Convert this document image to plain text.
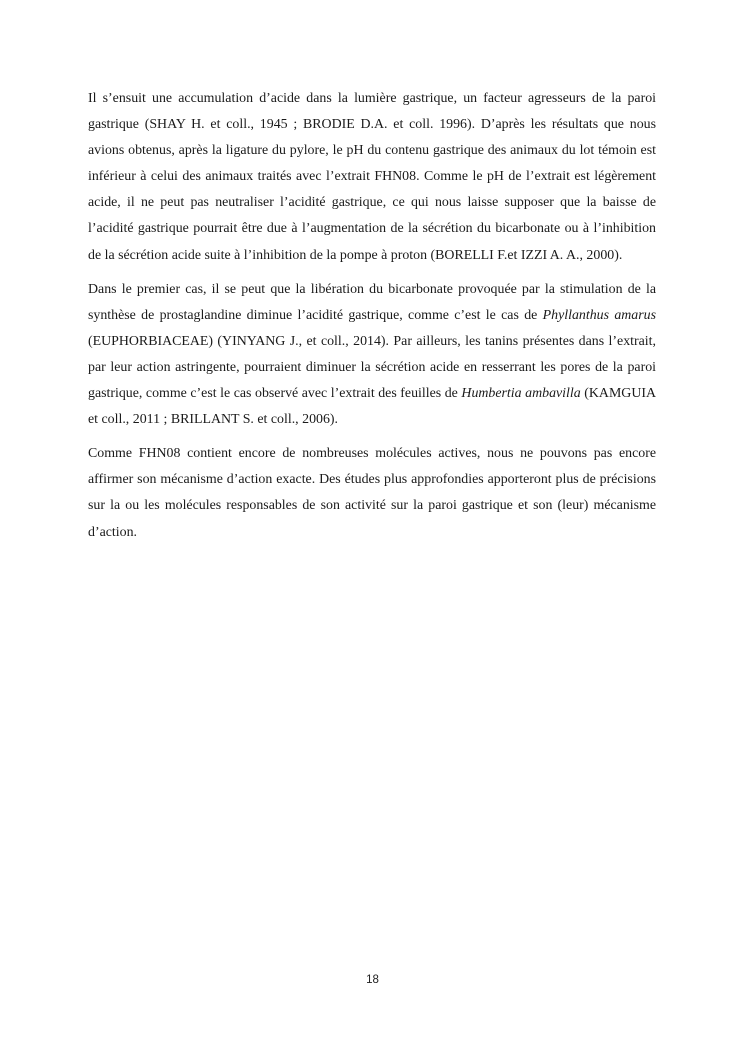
Il s’ensuit une accumulation d’acide dans la lumière gastrique, un facteur agresseurs de la paroi gastrique (SHAY H. et coll., 1945 ; BRODIE D.A. et coll. 1996). D’après les résultats que nous avions obtenus, après la ligature du pylore, le pH du contenu gastrique des animaux du lot témoin est inférieur à celui des animaux traités avec l’extrait FHN08. Comme le pH de l’extrait est légèrement acide, il ne peut pas neutraliser l’acidité gastrique, ce qui nous laisse supposer que la baisse de l’acidité gastrique pourrait être due à l’augmentation de la sécrétion du bicarbonate ou à l’inhibition de la sécrétion acide suite à l’inhibition de la pompe à proton (BORELLI F.et IZZI A. A., 2000).

Dans le premier cas, il se peut que la libération du bicarbonate provoquée par la stimulation de la synthèse de prostaglandine diminue l’acidité gastrique, comme c’est le cas de Phyllanthus amarus (EUPHORBIACEAE) (YINYANG J., et coll., 2014). Par ailleurs, les tanins présentes dans l’extrait, par leur action astringente, pourraient diminuer la sécrétion acide en resserrant les pores de la paroi gastrique, comme c’est le cas observé avec l’extrait des feuilles de Humbertia ambavilla (KAMGUIA et coll., 2011 ; BRILLANT S. et coll., 2006).

Comme FHN08 contient encore de nombreuses molécules actives, nous ne pouvons pas encore affirmer son mécanisme d’action exacte. Des études plus approfondies apporteront plus de précisions sur la ou les molécules responsables de son activité sur la paroi gastrique et son (leur) mécanisme d’action.

18
